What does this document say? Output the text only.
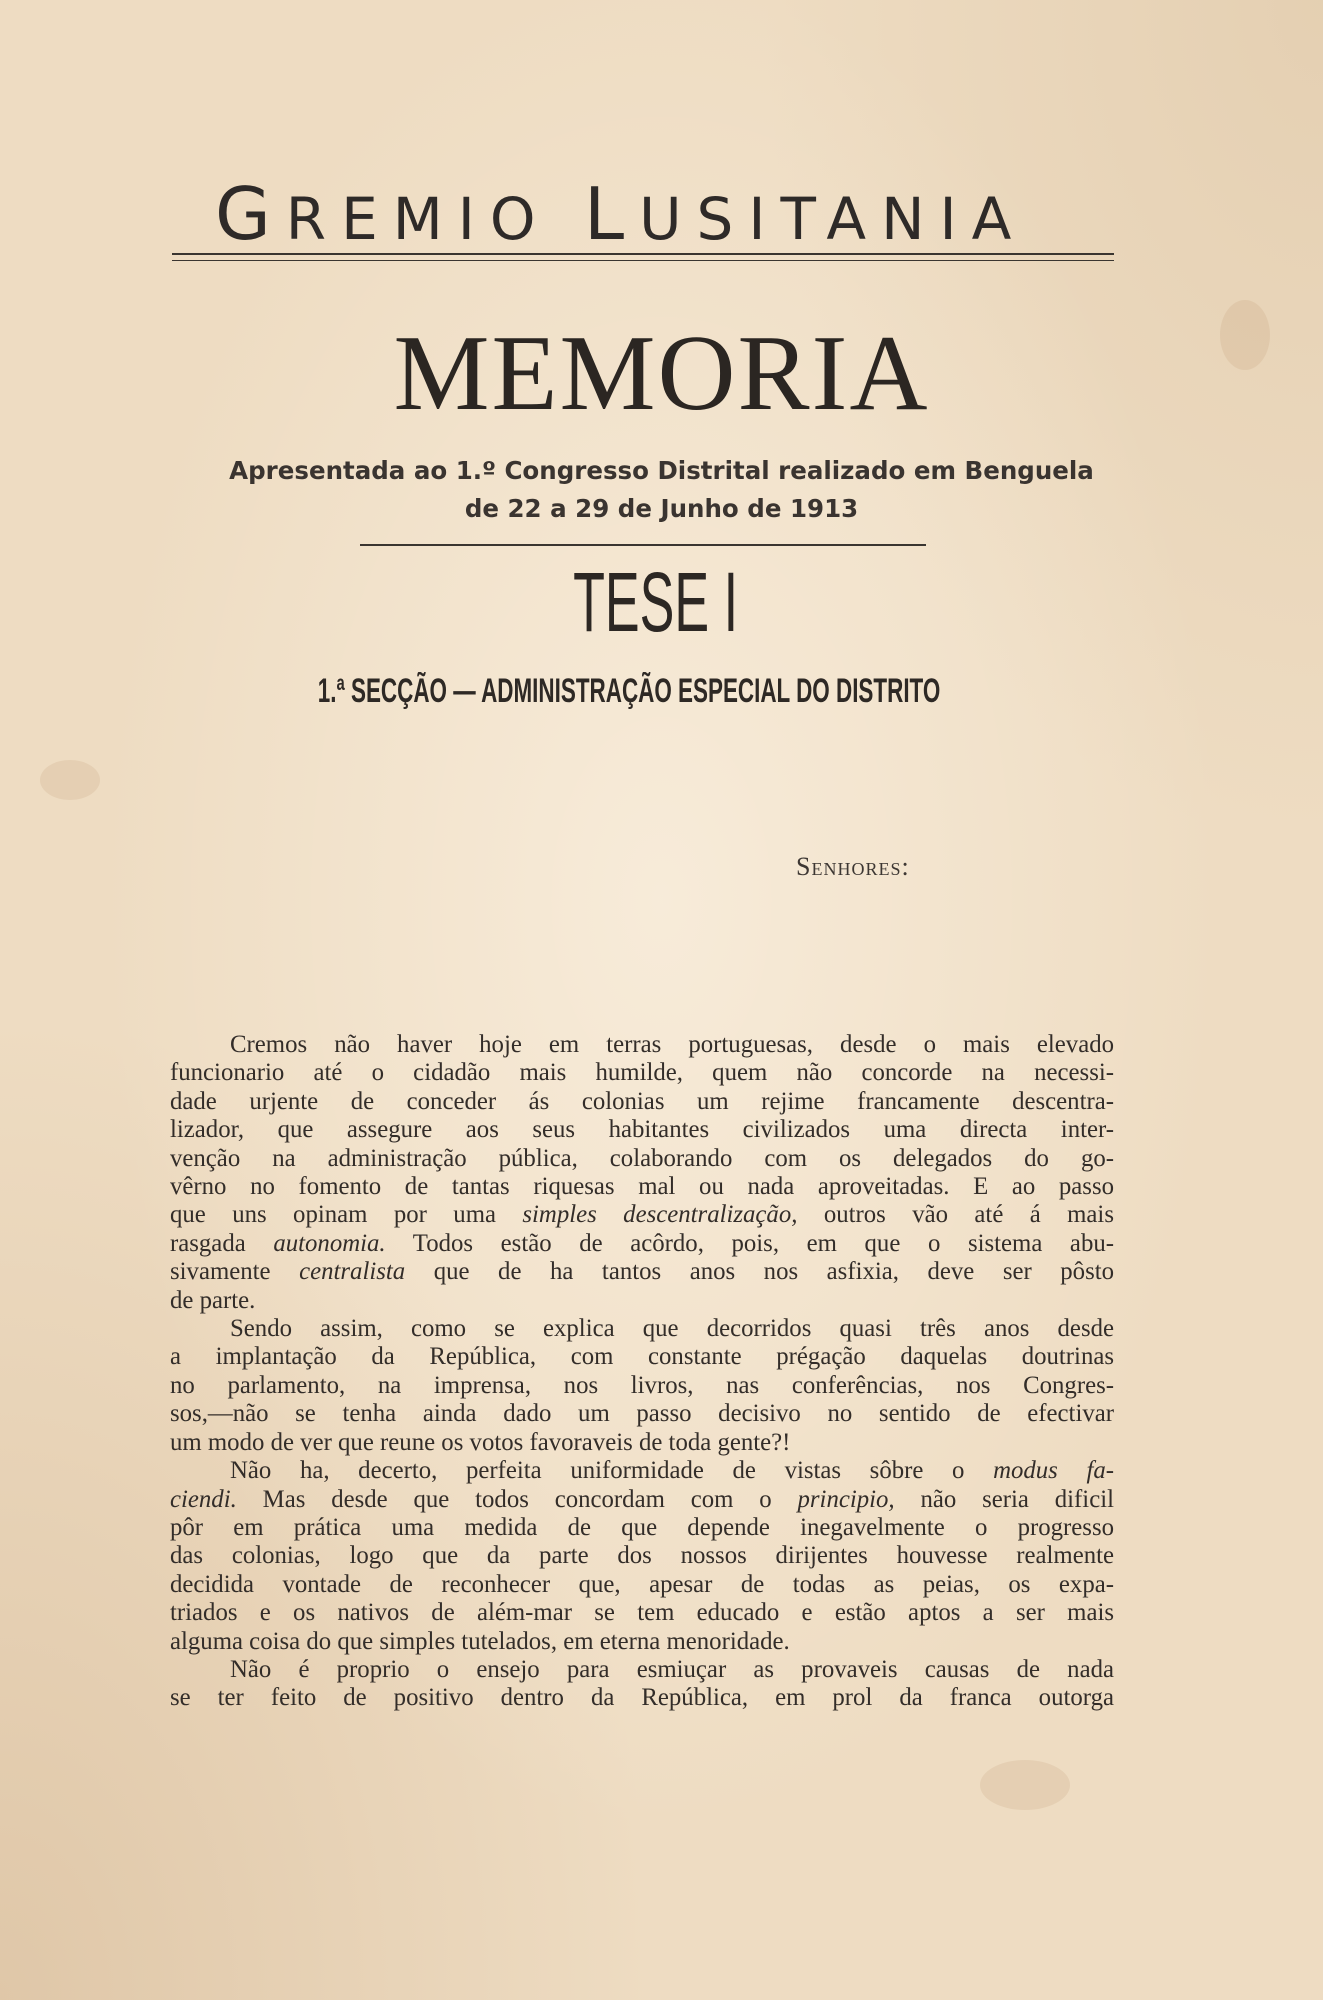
GREMIO LUSITANIA
MEMORIA
Apresentada ao 1.º Congresso Distrital realizado em Benguela
de 22 a 29 de Junho de 1913
TESE I
1.ª SECÇÃO — ADMINISTRAÇÃO ESPECIAL DO DISTRITO
Senhores:
Cremos não haver hoje em terras portuguesas, desde o mais elevado
funcionario até o cidadão mais humilde, quem não concorde na necessi-
dade urjente de conceder ás colonias um rejime francamente descentra-
lizador, que assegure aos seus habitantes civilizados uma directa inter-
venção na administração pública, colaborando com os delegados do go-
vêrno no fomento de tantas riquesas mal ou nada aproveitadas. E ao passo
que uns opinam por uma simples descentralização, outros vão até á mais
rasgada autonomia. Todos estão de acôrdo, pois, em que o sistema abu-
sivamente centralista que de ha tantos anos nos asfixia, deve ser pôsto
de parte.
Sendo assim, como se explica que decorridos quasi três anos desde
a implantação da República, com constante prégação daquelas doutrinas
no parlamento, na imprensa, nos livros, nas conferências, nos Congres-
sos,—não se tenha ainda dado um passo decisivo no sentido de efectivar
um modo de ver que reune os votos favoraveis de toda gente?!
Não ha, decerto, perfeita uniformidade de vistas sôbre o modus fa-
ciendi. Mas desde que todos concordam com o principio, não seria dificil
pôr em prática uma medida de que depende inegavelmente o progresso
das colonias, logo que da parte dos nossos dirijentes houvesse realmente
decidida vontade de reconhecer que, apesar de todas as peias, os expa-
triados e os nativos de além-mar se tem educado e estão aptos a ser mais
alguma coisa do que simples tutelados, em eterna menoridade.
Não é proprio o ensejo para esmiuçar as provaveis causas de nada
se ter feito de positivo dentro da República, em prol da franca outorga
